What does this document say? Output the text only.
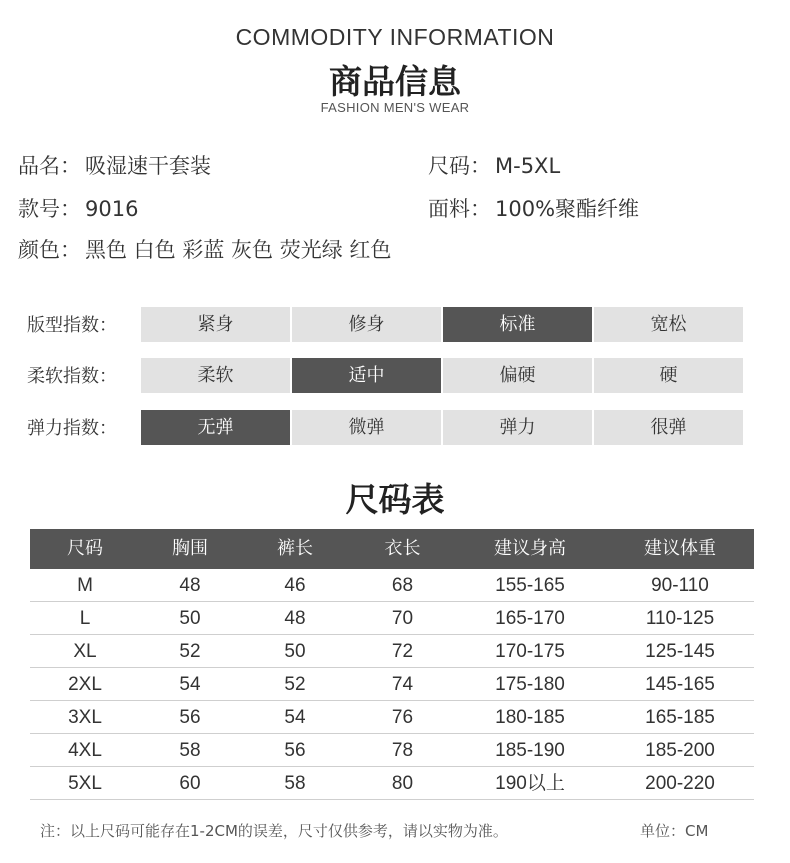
COMMODITY INFORMATION
商品信息
FASHION MEN'S WEAR
品名： 吸湿速干套装	尺码： M-5XL
款号： 9016	面料： 100%聚酯纤维
颜色： 黑色 白色 彩蓝 灰色 荧光绿 红色
版型指数：	紧身	修身	标准	宽松
柔软指数：	柔软	适中	偏硬	硬
弹力指数：	无弹	微弹	弹力	很弹
尺码表
尺码	胸围	裤长	衣长	建议身高	建议体重
M	48	46	68	155-165	90-110
L	50	48	70	165-170	110-125
XL	52	50	72	170-175	125-145
2XL	54	52	74	175-180	145-165
3XL	56	54	76	180-185	165-185
4XL	58	56	78	185-190	185-200
5XL	60	58	80	190以上	200-220
注：以上尺码可能存在1-2CM的误差，尺寸仅供参考，请以实物为准。	单位：CM
